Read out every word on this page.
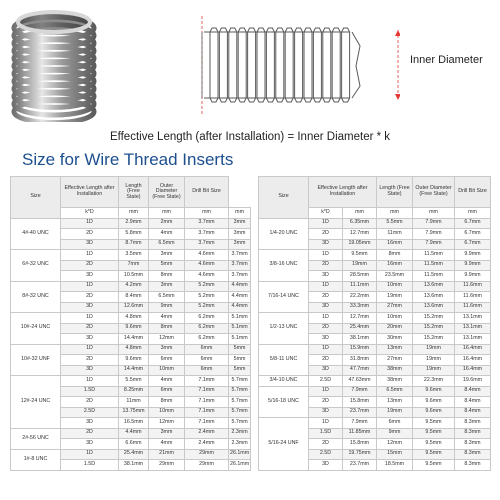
Inner Diameter
Effective Length (after Installation) = Inner Diameter * k
Size for Wire Thread Inserts
Size	Effective Length after Installation	Length (Free State)	Outer Diameter (Free State)	Drill Bit Size	

	k*D	mm	mm	mm	mm
4#-40 UNC	1D	2.9mm	2mm	3.7mm	3mm
	2D	5.8mm	4mm	3.7mm	3mm
	3D	8.7mm	6.5mm	3.7mm	3mm
6#-32 UNC	1D	3.5mm	3mm	4.6mm	3.7mm
	2D	7mm	5mm	4.6mm	3.7mm
	3D	10.5mm	8mm	4.6mm	3.7mm
8#-32 UNC	1D	4.2mm	3mm	5.2mm	4.4mm
	2D	8.4mm	6.5mm	5.2mm	4.4mm
	3D	12.6mm	9mm	5.2mm	4.4mm
10#-24 UNC	1D	4.8mm	4mm	6.2mm	5.1mm
	2D	9.6mm	8mm	6.2mm	5.1mm
	3D	14.4mm	12mm	6.2mm	5.1mm
10#-32 UNF	1D	4.8mm	3mm	6mm	5mm
	2D	9.6mm	6mm	6mm	5mm
	3D	14.4mm	10mm	6mm	5mm
12#-24 UNC	1D	5.5mm	4mm	7.1mm	5.7mm
	1.5D	8.25mm	6mm	7.1mm	5.7mm
	2D	11mm	8mm	7.1mm	5.7mm
	2.5D	13.75mm	10mm	7.1mm	5.7mm
	3D	16.5mm	12mm	7.1mm	5.7mm
2#-56 UNC	2D	4.4mm	3mm	2.4mm	2.3mm
	3D	6.6mm	4mm	2.4mm	2.3mm
1#-8 UNC	1D	25.4mm	21mm	29mm	26.1mm
	1.5D	38.1mm	29mm	29mm	26.1mm
Size	Effective Length after Installation		Length (Free State)	Outer Diameter (Free State)	Drill Bit Size

	k*D	mm	mm	mm	mm
1/4-20 UNC	1D	6.35mm	5.5mm	7.9mm	6.7mm
	2D	12.7mm	11mm	7.9mm	6.7mm
	3D	19.05mm	16mm	7.9mm	6.7mm
3/8-16 UNC	1D	9.5mm	8mm	11.5mm	9.9mm
	2D	19mm	16mm	11.5mm	9.9mm
	3D	28.5mm	23.5mm	11.5mm	9.9mm
7/16-14 UNC	1D	11.1mm	10mm	13.6mm	11.6mm
	2D	22.2mm	19mm	13.6mm	11.6mm
	3D	33.3mm	27mm	13.6mm	11.6mm
1/2-13 UNC	1D	12.7mm	10mm	15.2mm	13.1mm
	2D	25.4mm	20mm	15.2mm	13.1mm
	3D	38.1mm	30mm	15.2mm	13.1mm
5/8-11 UNC	1D	15.9mm	13mm	19mm	16.4mm
	2D	31.8mm	27mm	19mm	16.4mm
	3D	47.7mm	38mm	19mm	16.4mm
3/4-10 UNC	2.5D	47.63mm	38mm	22.3mm	19.6mm
5/16-18 UNC	1D	7.9mm	6.5mm	9.6mm	8.4mm
	2D	15.8mm	13mm	9.6mm	8.4mm
	3D	23.7mm	19mm	9.6mm	8.4mm
5/16-24 UNF	1D	7.9mm	6mm	9.5mm	8.3mm
	1.5D	11.85mm	9mm	9.5mm	8.3mm
	2D	15.8mm	12mm	9.5mm	8.3mm
	2.5D	19.75mm	15mm	9.5mm	8.3mm
	3D	23.7mm	18.5mm	9.5mm	8.3mm
